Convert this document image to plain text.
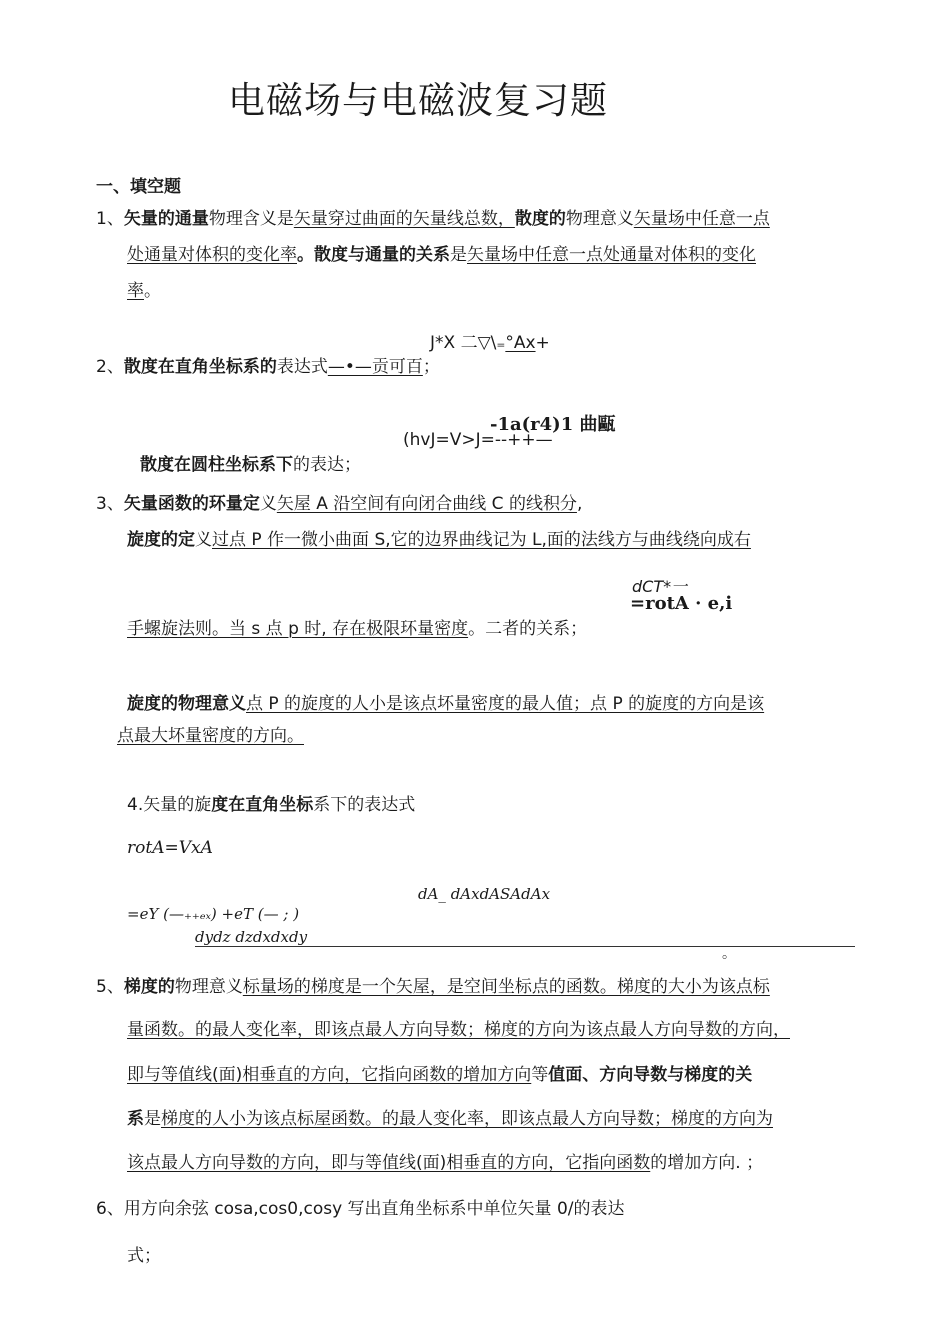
电磁场与电磁波复习题
一、填空题
1、矢量的通量物理含义是矢量穿过曲面的矢量线总数，散度的物理意义矢量场中任意一点
处通量对体积的变化率。散度与通量的关系是矢量场中任意一点处通量对体积的变化
率。
J*X 二▽\₌°Ax+
2、散度在直角坐标系的表达式—•—贡可百；
-1a(r4)1 曲甌
(hvJ=V>J=--++—
散度在圆柱坐标系下的表达；
3、矢量函数的环量定义矢屋 A 沿空间有向闭合曲线 C 的线积分,
旋度的定义过点 P 作一微小曲面 S,它的边界曲线记为 L,面的法线方与曲线绕向成右
dCT*一
=rotA · e,i
手螺旋法则。当 s 点 p 时, 存在极限环量密度。二者的关系；
旋度的物理意义点 P 的旋度的人小是该点坏量密度的最人值；点 P 的旋度的方向是该
点最大坏量密度的方向。
4.矢量的旋度在直角坐标系下的表达式
rotA=VxA
dA_ dAxdASAdAx
=eY (—₊₊ₑₓ) +eT (— ; )
dydz dzdxdxdy
。
5、梯度的物理意义标量场的梯度是一个矢屋，是空间坐标点的函数。梯度的大小为该点标
量函数。的最人变化率，即该点最人方向导数；梯度的方向为该点最人方向导数的方向，
即与等值线(面)相垂直的方向，它指向函数的增加方向等值面、方向导数与梯度的关
系是梯度的人小为该点标屋函数。的最人变化率，即该点最人方向导数；梯度的方向为
该点最人方向导数的方向，即与等值线(面)相垂直的方向，它指向函数的增加方向. ；
6、用方向余弦 cosa,cos0,cosy 写出直角坐标系中单位矢量 0/的表达
式；
